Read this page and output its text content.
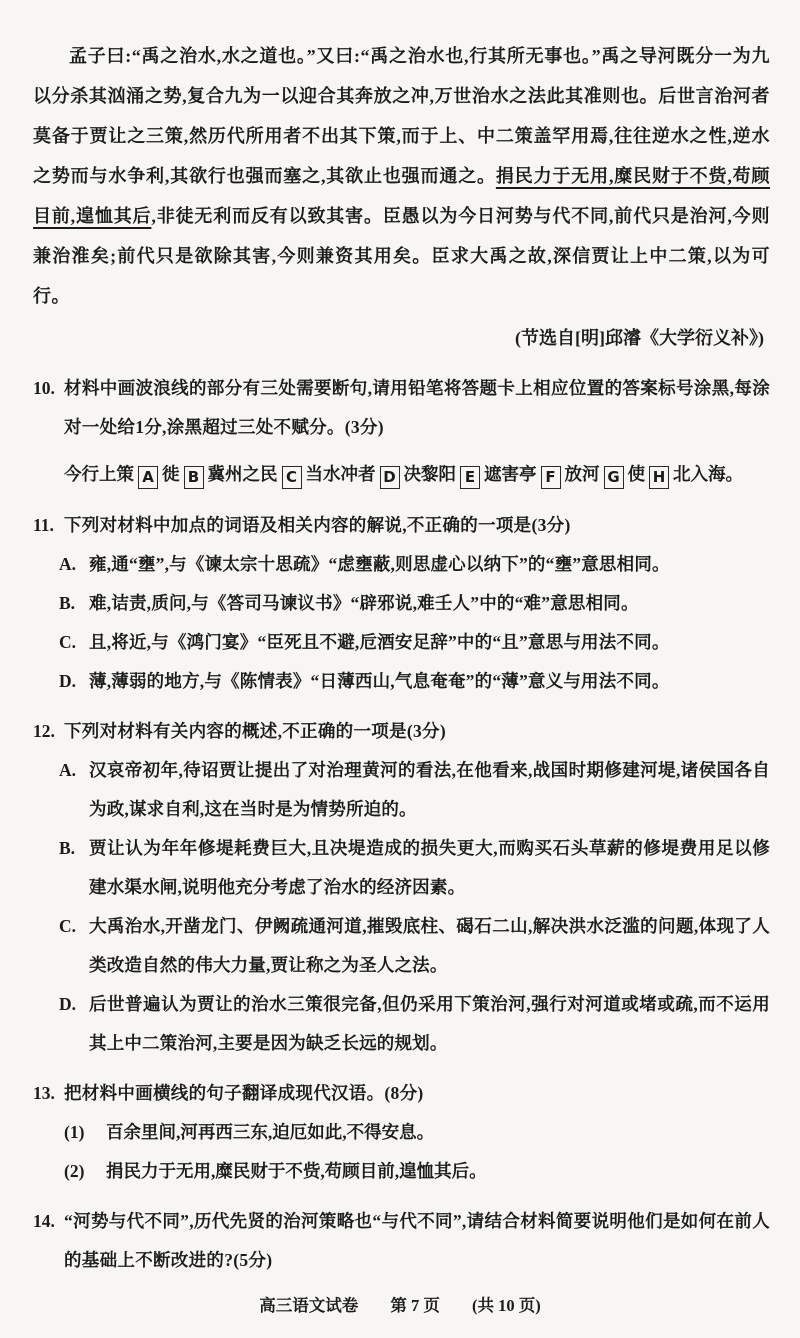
孟子曰:“禹之治水,水之道也。”又曰:“禹之治水也,行其所无事也。”禹之导河既分一为九以分杀其汹涌之势,复合九为一以迎合其奔放之冲,万世治水之法此其准则也。后世言治河者莫备于贾让之三策,然历代所用者不出其下策,而于上、中二策盖罕用焉,往往逆水之性,逆水之势而与水争利,其欲行也强而塞之,其欲止也强而通之。捐民力于无用,糜民财于不赀,苟顾目前,遑恤其后,非徒无利而反有以致其害。臣愚以为今日河势与代不同,前代只是治河,今则兼治淮矣;前代只是欲除其害,今则兼资其用矣。臣求大禹之故,深信贾让上中二策,以为可行。

(节选自[明]邱濬《大学衍义补》)

10. 材料中画波浪线的部分有三处需要断句,请用铅笔将答题卡上相应位置的答案标号涂黑,每涂对一处给1分,涂黑超过三处不赋分。(3分)
今行上策 A 徙 B 冀州之民 C 当水冲者 D 决黎阳 E 遮害亭 F 放河 G 使 H 北入海。
11. 下列对材料中加点的词语及相关内容的解说,不正确的一项是(3分)
A. 雍,通“壅”,与《谏太宗十思疏》“虑壅蔽,则思虚心以纳下”的“壅”意思相同。
B. 难,诘责,质问,与《答司马谏议书》“辟邪说,难壬人”中的“难”意思相同。
C. 且,将近,与《鸿门宴》“臣死且不避,卮酒安足辞”中的“且”意思与用法不同。
D. 薄,薄弱的地方,与《陈情表》“日薄西山,气息奄奄”的“薄”意义与用法不同。
12. 下列对材料有关内容的概述,不正确的一项是(3分)
A. 汉哀帝初年,待诏贾让提出了对治理黄河的看法,在他看来,战国时期修建河堤,诸侯国各自为政,谋求自利,这在当时是为情势所迫的。
B. 贾让认为年年修堤耗费巨大,且决堤造成的损失更大,而购买石头草薪的修堤费用足以修建水渠水闸,说明他充分考虑了治水的经济因素。
C. 大禹治水,开凿龙门、伊阙疏通河道,摧毁底柱、碣石二山,解决洪水泛滥的问题,体现了人类改造自然的伟大力量,贾让称之为圣人之法。
D. 后世普遍认为贾让的治水三策很完备,但仍采用下策治河,强行对河道或堵或疏,而不运用其上中二策治河,主要是因为缺乏长远的规划。
13. 把材料中画横线的句子翻译成现代汉语。(8分)
(1)	百余里间,河再西三东,迫厄如此,不得安息。
(2)	捐民力于无用,糜民财于不赀,苟顾目前,遑恤其后。
14. “河势与代不同”,历代先贤的治河策略也“与代不同”,请结合材料简要说明他们是如何在前人的基础上不断改进的?(5分)
高三语文试卷 第 7 页 (共 10 页)
